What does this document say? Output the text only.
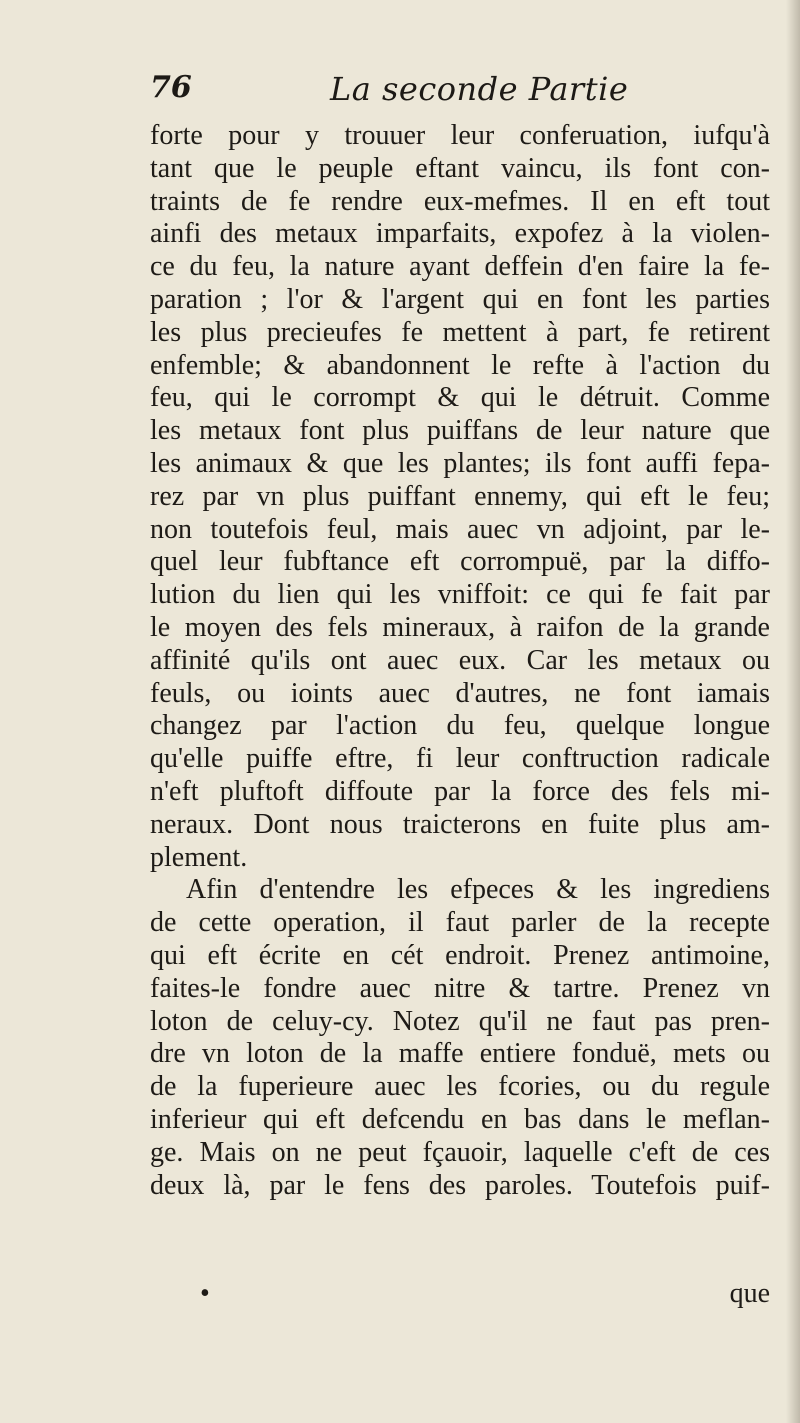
76	La seconde Partie
forte pour y trouuer leur conferuation, iufqu'à
tant que le peuple eftant vaincu, ils font con-
traints de fe rendre eux-mefmes. Il en eft tout
ainfi des metaux imparfaits, expofez à la violen-
ce du feu, la nature ayant deffein d'en faire la fe-
paration ; l'or & l'argent qui en font les parties
les plus precieufes fe mettent à part, fe retirent
enfemble; & abandonnent le refte à l'action du
feu, qui le corrompt & qui le détruit. Comme
les metaux font plus puiffans de leur nature que
les animaux & que les plantes; ils font auffi fepa-
rez par vn plus puiffant ennemy, qui eft le feu;
non toutefois feul, mais auec vn adjoint, par le-
quel leur fubftance eft corrompuë, par la diffo-
lution du lien qui les vniffoit: ce qui fe fait par
le moyen des fels mineraux, à raifon de la grande
affinité qu'ils ont auec eux. Car les metaux ou
feuls, ou ioints auec d'autres, ne font iamais
changez par l'action du feu, quelque longue
qu'elle puiffe eftre, fi leur conftruction radicale
n'eft pluftoft diffoute par la force des fels mi-
neraux. Dont nous traicterons en fuite plus am-
plement.
Afin d'entendre les efpeces & les ingrediens
de cette operation, il faut parler de la recepte
qui eft écrite en cét endroit. Prenez antimoine,
faites-le fondre auec nitre & tartre. Prenez vn
loton de celuy-cy. Notez qu'il ne faut pas pren-
dre vn loton de la maffe entiere fonduë, mets ou
de la fuperieure auec les fcories, ou du regule
inferieur qui eft defcendu en bas dans le meflan-
ge. Mais on ne peut fçauoir, laquelle c'eft de ces
deux là, par le fens des paroles. Toutefois puif-
•	que
